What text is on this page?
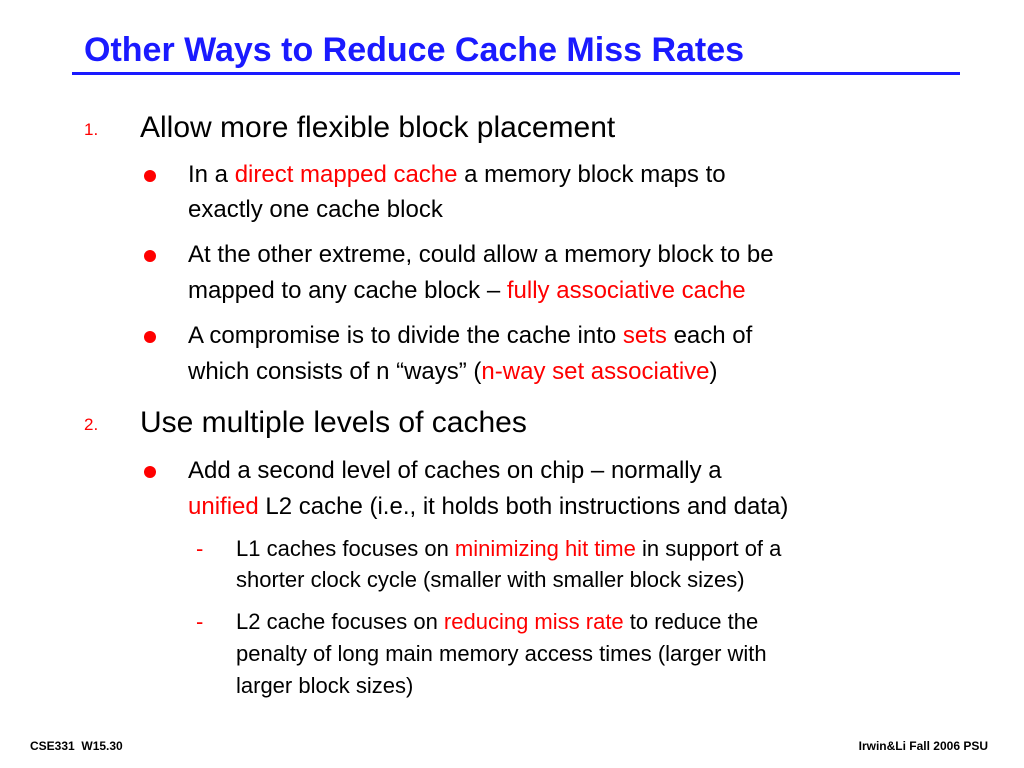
Other Ways to Reduce Cache Miss Rates
1. Allow more flexible block placement
In a direct mapped cache a memory block maps to
exactly one cache block
At the other extreme, could allow a memory block to be
mapped to any cache block – fully associative cache
A compromise is to divide the cache into sets each of
which consists of n “ways” (n-way set associative)
2. Use multiple levels of caches
Add a second level of caches on chip – normally a
unified L2 cache (i.e., it holds both instructions and data)
- L1 caches focuses on minimizing hit time in support of a
shorter clock cycle (smaller with smaller block sizes)
- L2 cache focuses on reducing miss rate to reduce the
penalty of long main memory access times (larger with
larger block sizes)
CSE331  W15.30	Irwin&Li Fall 2006 PSU
